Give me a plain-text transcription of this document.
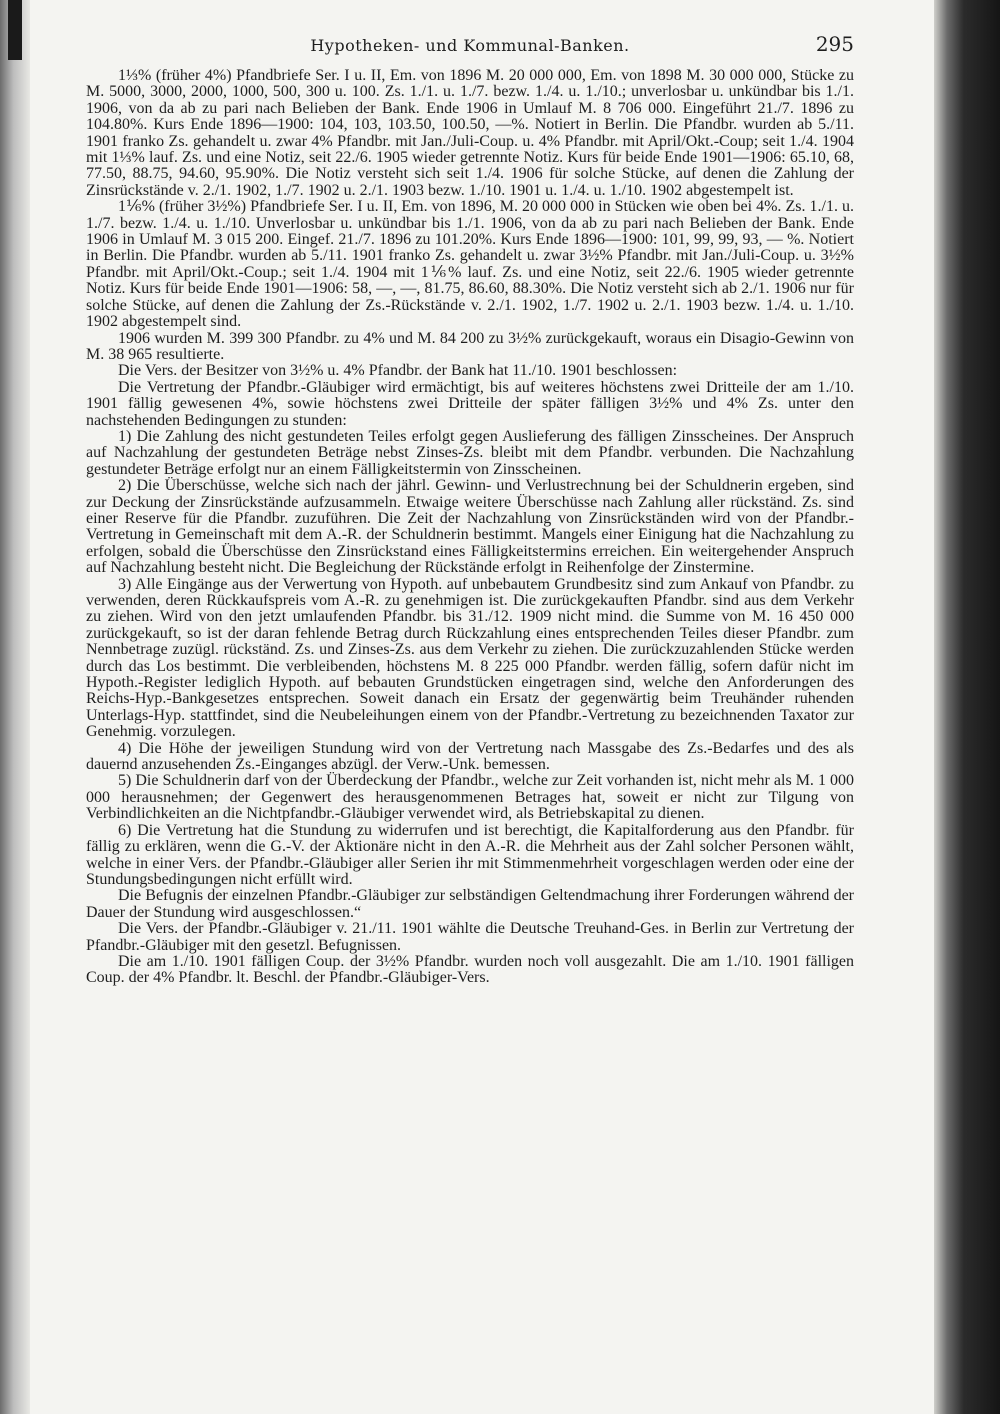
Hypotheken- und Kommunal-Banken.	295

1⅓% (früher 4%) Pfandbriefe Ser. I u. II, Em. von 1896 M. 20 000 000, Em. von 1898 M. 30 000 000, Stücke zu M. 5000, 3000, 2000, 1000, 500, 300 u. 100. Zs. 1./1. u. 1./7. bezw. 1./4. u. 1./10.; unverlosbar u. unkündbar bis 1./1. 1906, von da ab zu pari nach Belieben der Bank. Ende 1906 in Umlauf M. 8 706 000. Eingeführt 21./7. 1896 zu 104.80%. Kurs Ende 1896—1900: 104, 103, 103.50, 100.50, —%. Notiert in Berlin. Die Pfandbr. wurden ab 5./11. 1901 franko Zs. gehandelt u. zwar 4% Pfandbr. mit Jan./Juli-Coup. u. 4% Pfandbr. mit April/Okt.-Coup; seit 1./4. 1904 mit 1⅓% lauf. Zs. und eine Notiz, seit 22./6. 1905 wieder getrennte Notiz. Kurs für beide Ende 1901—1906: 65.10, 68, 77.50, 88.75, 94.60, 95.90%. Die Notiz versteht sich seit 1./4. 1906 für solche Stücke, auf denen die Zahlung der Zinsrückstände v. 2./1. 1902, 1./7. 1902 u. 2./1. 1903 bezw. 1./10. 1901 u. 1./4. u. 1./10. 1902 abgestempelt ist.

1⅙% (früher 3½%) Pfandbriefe Ser. I u. II, Em. von 1896, M. 20 000 000 in Stücken wie oben bei 4%. Zs. 1./1. u. 1./7. bezw. 1./4. u. 1./10. Unverlosbar u. unkündbar bis 1./1. 1906, von da ab zu pari nach Belieben der Bank. Ende 1906 in Umlauf M. 3 015 200. Eingef. 21./7. 1896 zu 101.20%. Kurs Ende 1896—1900: 101, 99, 99, 93, — %. Notiert in Berlin. Die Pfandbr. wurden ab 5./11. 1901 franko Zs. gehandelt u. zwar 3½% Pfandbr. mit Jan./Juli-Coup. u. 3½% Pfandbr. mit April/Okt.-Coup.; seit 1./4. 1904 mit 1⅙% lauf. Zs. und eine Notiz, seit 22./6. 1905 wieder getrennte Notiz. Kurs für beide Ende 1901—1906: 58, —, —, 81.75, 86.60, 88.30%. Die Notiz versteht sich ab 2./1. 1906 nur für solche Stücke, auf denen die Zahlung der Zs.-Rückstände v. 2./1. 1902, 1./7. 1902 u. 2./1. 1903 bezw. 1./4. u. 1./10. 1902 abgestempelt sind.

1906 wurden M. 399 300 Pfandbr. zu 4% und M. 84 200 zu 3½% zurückgekauft, woraus ein Disagio-Gewinn von M. 38 965 resultierte.

Die Vers. der Besitzer von 3½% u. 4% Pfandbr. der Bank hat 11./10. 1901 beschlossen:

Die Vertretung der Pfandbr.-Gläubiger wird ermächtigt, bis auf weiteres höchstens zwei Dritteile der am 1./10. 1901 fällig gewesenen 4%, sowie höchstens zwei Dritteile der später fälligen 3½% und 4% Zs. unter den nachstehenden Bedingungen zu stunden:

1) Die Zahlung des nicht gestundeten Teiles erfolgt gegen Auslieferung des fälligen Zinsscheines. Der Anspruch auf Nachzahlung der gestundeten Beträge nebst Zinses-Zs. bleibt mit dem Pfandbr. verbunden. Die Nachzahlung gestundeter Beträge erfolgt nur an einem Fälligkeitstermin von Zinsscheinen.

2) Die Überschüsse, welche sich nach der jährl. Gewinn- und Verlustrechnung bei der Schuldnerin ergeben, sind zur Deckung der Zinsrückstände aufzusammeln. Etwaige weitere Überschüsse nach Zahlung aller rückständ. Zs. sind einer Reserve für die Pfandbr. zuzuführen. Die Zeit der Nachzahlung von Zinsrückständen wird von der Pfandbr.-Vertretung in Gemeinschaft mit dem A.-R. der Schuldnerin bestimmt. Mangels einer Einigung hat die Nachzahlung zu erfolgen, sobald die Überschüsse den Zinsrückstand eines Fälligkeitstermins erreichen. Ein weitergehender Anspruch auf Nachzahlung besteht nicht. Die Begleichung der Rückstände erfolgt in Reihenfolge der Zinstermine.

3) Alle Eingänge aus der Verwertung von Hypoth. auf unbebautem Grundbesitz sind zum Ankauf von Pfandbr. zu verwenden, deren Rückkaufspreis vom A.-R. zu genehmigen ist. Die zurückgekauften Pfandbr. sind aus dem Verkehr zu ziehen. Wird von den jetzt umlaufenden Pfandbr. bis 31./12. 1909 nicht mind. die Summe von M. 16 450 000 zurückgekauft, so ist der daran fehlende Betrag durch Rückzahlung eines entsprechenden Teiles dieser Pfandbr. zum Nennbetrage zuzügl. rückständ. Zs. und Zinses-Zs. aus dem Verkehr zu ziehen. Die zurückzuzahlenden Stücke werden durch das Los bestimmt. Die verbleibenden, höchstens M. 8 225 000 Pfandbr. werden fällig, sofern dafür nicht im Hypoth.-Register lediglich Hypoth. auf bebauten Grundstücken eingetragen sind, welche den Anforderungen des Reichs-Hyp.-Bankgesetzes entsprechen. Soweit danach ein Ersatz der gegenwärtig beim Treuhänder ruhenden Unterlags-Hyp. stattfindet, sind die Neubeleihungen einem von der Pfandbr.-Vertretung zu bezeichnenden Taxator zur Genehmig. vorzulegen.

4) Die Höhe der jeweiligen Stundung wird von der Vertretung nach Massgabe des Zs.-Bedarfes und des als dauernd anzusehenden Zs.-Einganges abzügl. der Verw.-Unk. bemessen.

5) Die Schuldnerin darf von der Überdeckung der Pfandbr., welche zur Zeit vorhanden ist, nicht mehr als M. 1 000 000 herausnehmen; der Gegenwert des herausgenommenen Betrages hat, soweit er nicht zur Tilgung von Verbindlichkeiten an die Nichtpfandbr.-Gläubiger verwendet wird, als Betriebskapital zu dienen.

6) Die Vertretung hat die Stundung zu widerrufen und ist berechtigt, die Kapitalforderung aus den Pfandbr. für fällig zu erklären, wenn die G.-V. der Aktionäre nicht in den A.-R. die Mehrheit aus der Zahl solcher Personen wählt, welche in einer Vers. der Pfandbr.-Gläubiger aller Serien ihr mit Stimmenmehrheit vorgeschlagen werden oder eine der Stundungsbedingungen nicht erfüllt wird.

Die Befugnis der einzelnen Pfandbr.-Gläubiger zur selbständigen Geltendmachung ihrer Forderungen während der Dauer der Stundung wird ausgeschlossen.“

Die Vers. der Pfandbr.-Gläubiger v. 21./11. 1901 wählte die Deutsche Treuhand-Ges. in Berlin zur Vertretung der Pfandbr.-Gläubiger mit den gesetzl. Befugnissen.

Die am 1./10. 1901 fälligen Coup. der 3½% Pfandbr. wurden noch voll ausgezahlt. Die am 1./10. 1901 fälligen Coup. der 4% Pfandbr. lt. Beschl. der Pfandbr.-Gläubiger-Vers.
